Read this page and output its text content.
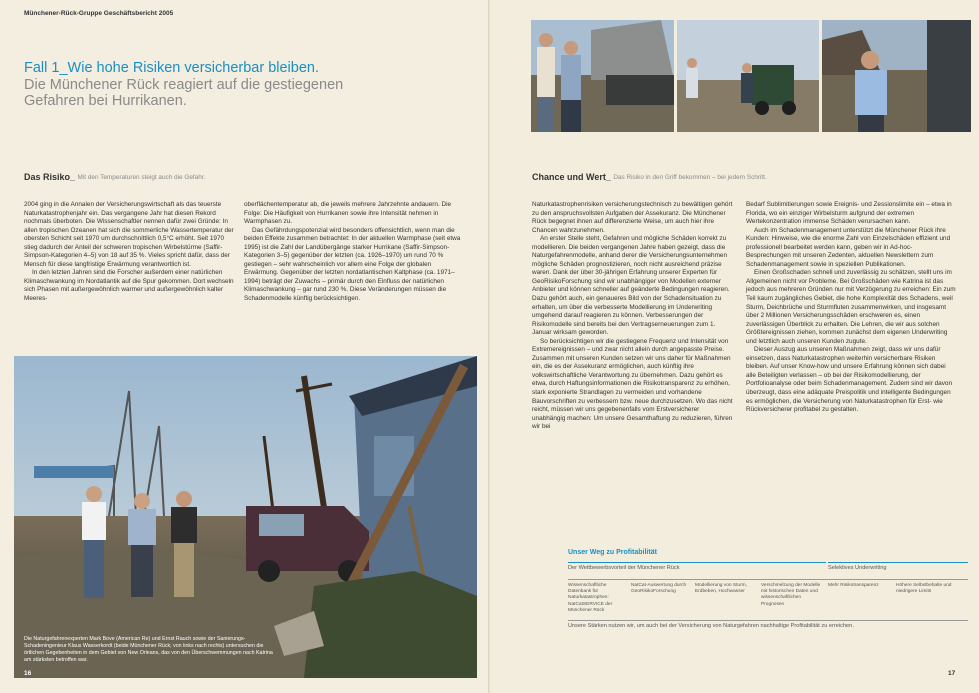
Münchener-Rück-Gruppe Geschäftsbericht 2005
Fall 1_Wie hohe Risiken versicherbar bleiben.
Die Münchener Rück reagiert auf die gestiegenen Gefahren bei Hurrikanen.
Das Risiko_ Mit den Temperaturen steigt auch die Gefahr.

2004 ging in die Annalen der Versicherungswirtschaft als das teuerste Naturkatastrophenjahr ein. Das vergangene Jahr hat diesen Rekord nochmals überboten. Die Wissenschaftler nennen dafür zwei Gründe: In allen tropischen Ozeanen hat sich die sommerliche Wassertemperatur der obersten Schicht seit 1970 um durchschnittlich 0,5°C erhöht. Seit 1970 stieg dadurch der Anteil der schweren tropischen Wirbelstürme (Saffir-Simpson-Kategorien 4–5) von 18 auf 35 %. Vieles spricht dafür, dass der Mensch für diese langfristige Erwärmung verantwortlich ist.

In den letzten Jahren sind die Forscher außerdem einer natürlichen Klimaschwankung im Nordatlantik auf die Spur gekommen. Dort wechseln sich Phasen mit außergewöhnlich warmer und außergewöhnlich kalter Meeres-

oberflächentemperatur ab, die jeweils mehrere Jahrzehnte andauern. Die Folge: Die Häufigkeit von Hurrikanen sowie ihre Intensität nehmen in Warmphasen zu.

Das Gefährdungspotenzial wird besonders offensichtlich, wenn man die beiden Effekte zusammen betrachtet: In der aktuellen Warmphase (seit etwa 1995) ist die Zahl der Landübergänge starker Hurrikane (Saffir-Simpson-Kategorien 3–5) gegenüber der letzten (ca. 1926–1970) um rund 70 % gestiegen – sehr wahrscheinlich vor allem eine Folge der globalen Erwärmung. Gegenüber der letzten nordatlantischen Kaltphase (ca. 1971–1994) beträgt der Zuwachs – primär durch den Einfluss der natürlichen Klimaschwankung – gar rund 230 %. Diese Veränderungen müssen die Schadenmodelle künftig berücksichtigen.

Die Naturgefahrenexperten Mark Bove (American Re) und Ernst Rauch sowie der Sanierungs-Schadeningenieur Klaus Wasserkordt (beide Münchener Rück; von links nach rechts) untersuchen die örtlichen Gegebenheiten in dem Gebiet von New Orleans, das von den Überschwemmungen nach Katrina am stärksten betroffen war.
16
Chance und Wert_ Das Risiko in den Griff bekommen – bei jedem Schritt.

Naturkatastrophenrisiken versicherungstechnisch zu bewältigen gehört zu den anspruchsvollsten Aufgaben der Assekuranz. Die Münchener Rück begegnet ihnen auf differenzierte Weise, um auch hier ihre Chancen wahrzunehmen.

An erster Stelle steht, Gefahren und mögliche Schäden korrekt zu modellieren. Die beiden vergangenen Jahre haben gezeigt, dass die Naturgefahrenmodelle, anhand derer die Versicherungsunternehmen mögliche Schäden prognostizieren, noch nicht ausreichend präzise waren. Dank der über 30-jährigen Erfahrung unserer Experten für GeoRisikoForschung sind wir unabhängiger von Modellen externer Anbieter und können schneller auf geänderte Bedingungen reagieren. Dazu gehört auch, ein genaueres Bild von der Schadensituation zu erhalten, um über die verbesserte Modellierung im Underwriting umgehend darauf reagieren zu können. Verbesserungen der Risikomodelle sind bereits bei den Vertragserneuerungen zum 1. Januar wirksam geworden.

So berücksichtigen wir die gestiegene Frequenz und Intensität von Extremereignissen – und zwar nicht allein durch angepasste Preise. Zusammen mit unseren Kunden setzen wir uns daher für Maßnahmen ein, die es der Assekuranz ermöglichen, auch künftig ihre volkswirtschaftliche Verantwortung zu übernehmen. Dazu gehört es etwa, durch Haftungsinformationen die Risikotransparenz zu erhöhen, stark exponierte Strandlagen zu vermeiden und vorhandene Bauvorschriften zu verbessern bzw. neue durchzusetzen. Wo das nicht reicht, müssen wir uns gegebenenfalls vom Erstversicherer unabhängig machen: Um unsere Gesamthaftung zu reduzieren, führen wir bei

Bedarf Sublimitierungen sowie Ereignis- und Zessionslimite ein – etwa in Florida, wo ein einziger Wirbelsturm aufgrund der extremen Wertekonzentration immense Schäden verursachen kann.

Auch im Schadenmanagement unterstützt die Münchener Rück ihre Kunden: Hinweise, wie die enorme Zahl von Einzelschäden effizient und professionell bearbeitet werden kann, geben wir in Ad-hoc-Besprechungen mit unseren Zedenten, aktuellen Newslettern zum Schadenmanagement sowie in speziellen Publikationen.

Einen Großschaden schnell und zuverlässig zu schätzen, stellt uns im Allgemeinen nicht vor Probleme. Bei Großschäden wie Katrina ist das jedoch aus mehreren Gründen nur mit Verzögerung zu erreichen: Ein zum Teil kaum zugängliches Gebiet, die hohe Komplexität des Schadens, weil Sturm, Deichbrüche und Sturmfluten zusammenwirken, und insgesamt über 2 Millionen Versicherungsschäden erschweren es, einen zuverlässigen Überblick zu erhalten. Die Lehren, die wir aus solchen Größtereignissen ziehen, kommen zunächst dem eigenen Underwriting und letztlich auch unseren Kunden zugute.

Dieser Auszug aus unseren Maßnahmen zeigt, dass wir uns dafür einsetzen, dass Naturkatastrophen weiterhin versicherbare Risiken bleiben. Auf unser Know-how und unsere Erfahrung können sich dabei alle Beteiligten verlassen – ob bei der Risikomodellierung, der Portfolioanalyse oder beim Schadenmanagement. Zudem sind wir davon überzeugt, dass eine adäquate Preispolitik und intelligente Bedingungen es ermöglichen, die Versicherung von Naturkatastrophen für Erst- wie Rückversicherer profitabel zu gestalten.

Unser Weg zu Profitabilität
Der Wettbewerbsvorteil der Münchener Rück	Selektives Underwriting
Wissenschaftliche Datenbank für Naturkatastrophen: NatCatSERVICE der Münchener Rück
NatCat-Auswertung durch GeoRisikoForschung
Modellierung von Sturm, Erdbeben, Hochwasser
Verschmelzung der Modelle mit historischen Daten und wissenschaftlichen Prognosen
Mehr Risikotransparenz	Höhere Selbstbehalte und niedrigere Limits
Unsere Stärken nutzen wir, um auch bei der Versicherung von Naturgefahren nachhaltige Profitabilität zu erreichen.
17
